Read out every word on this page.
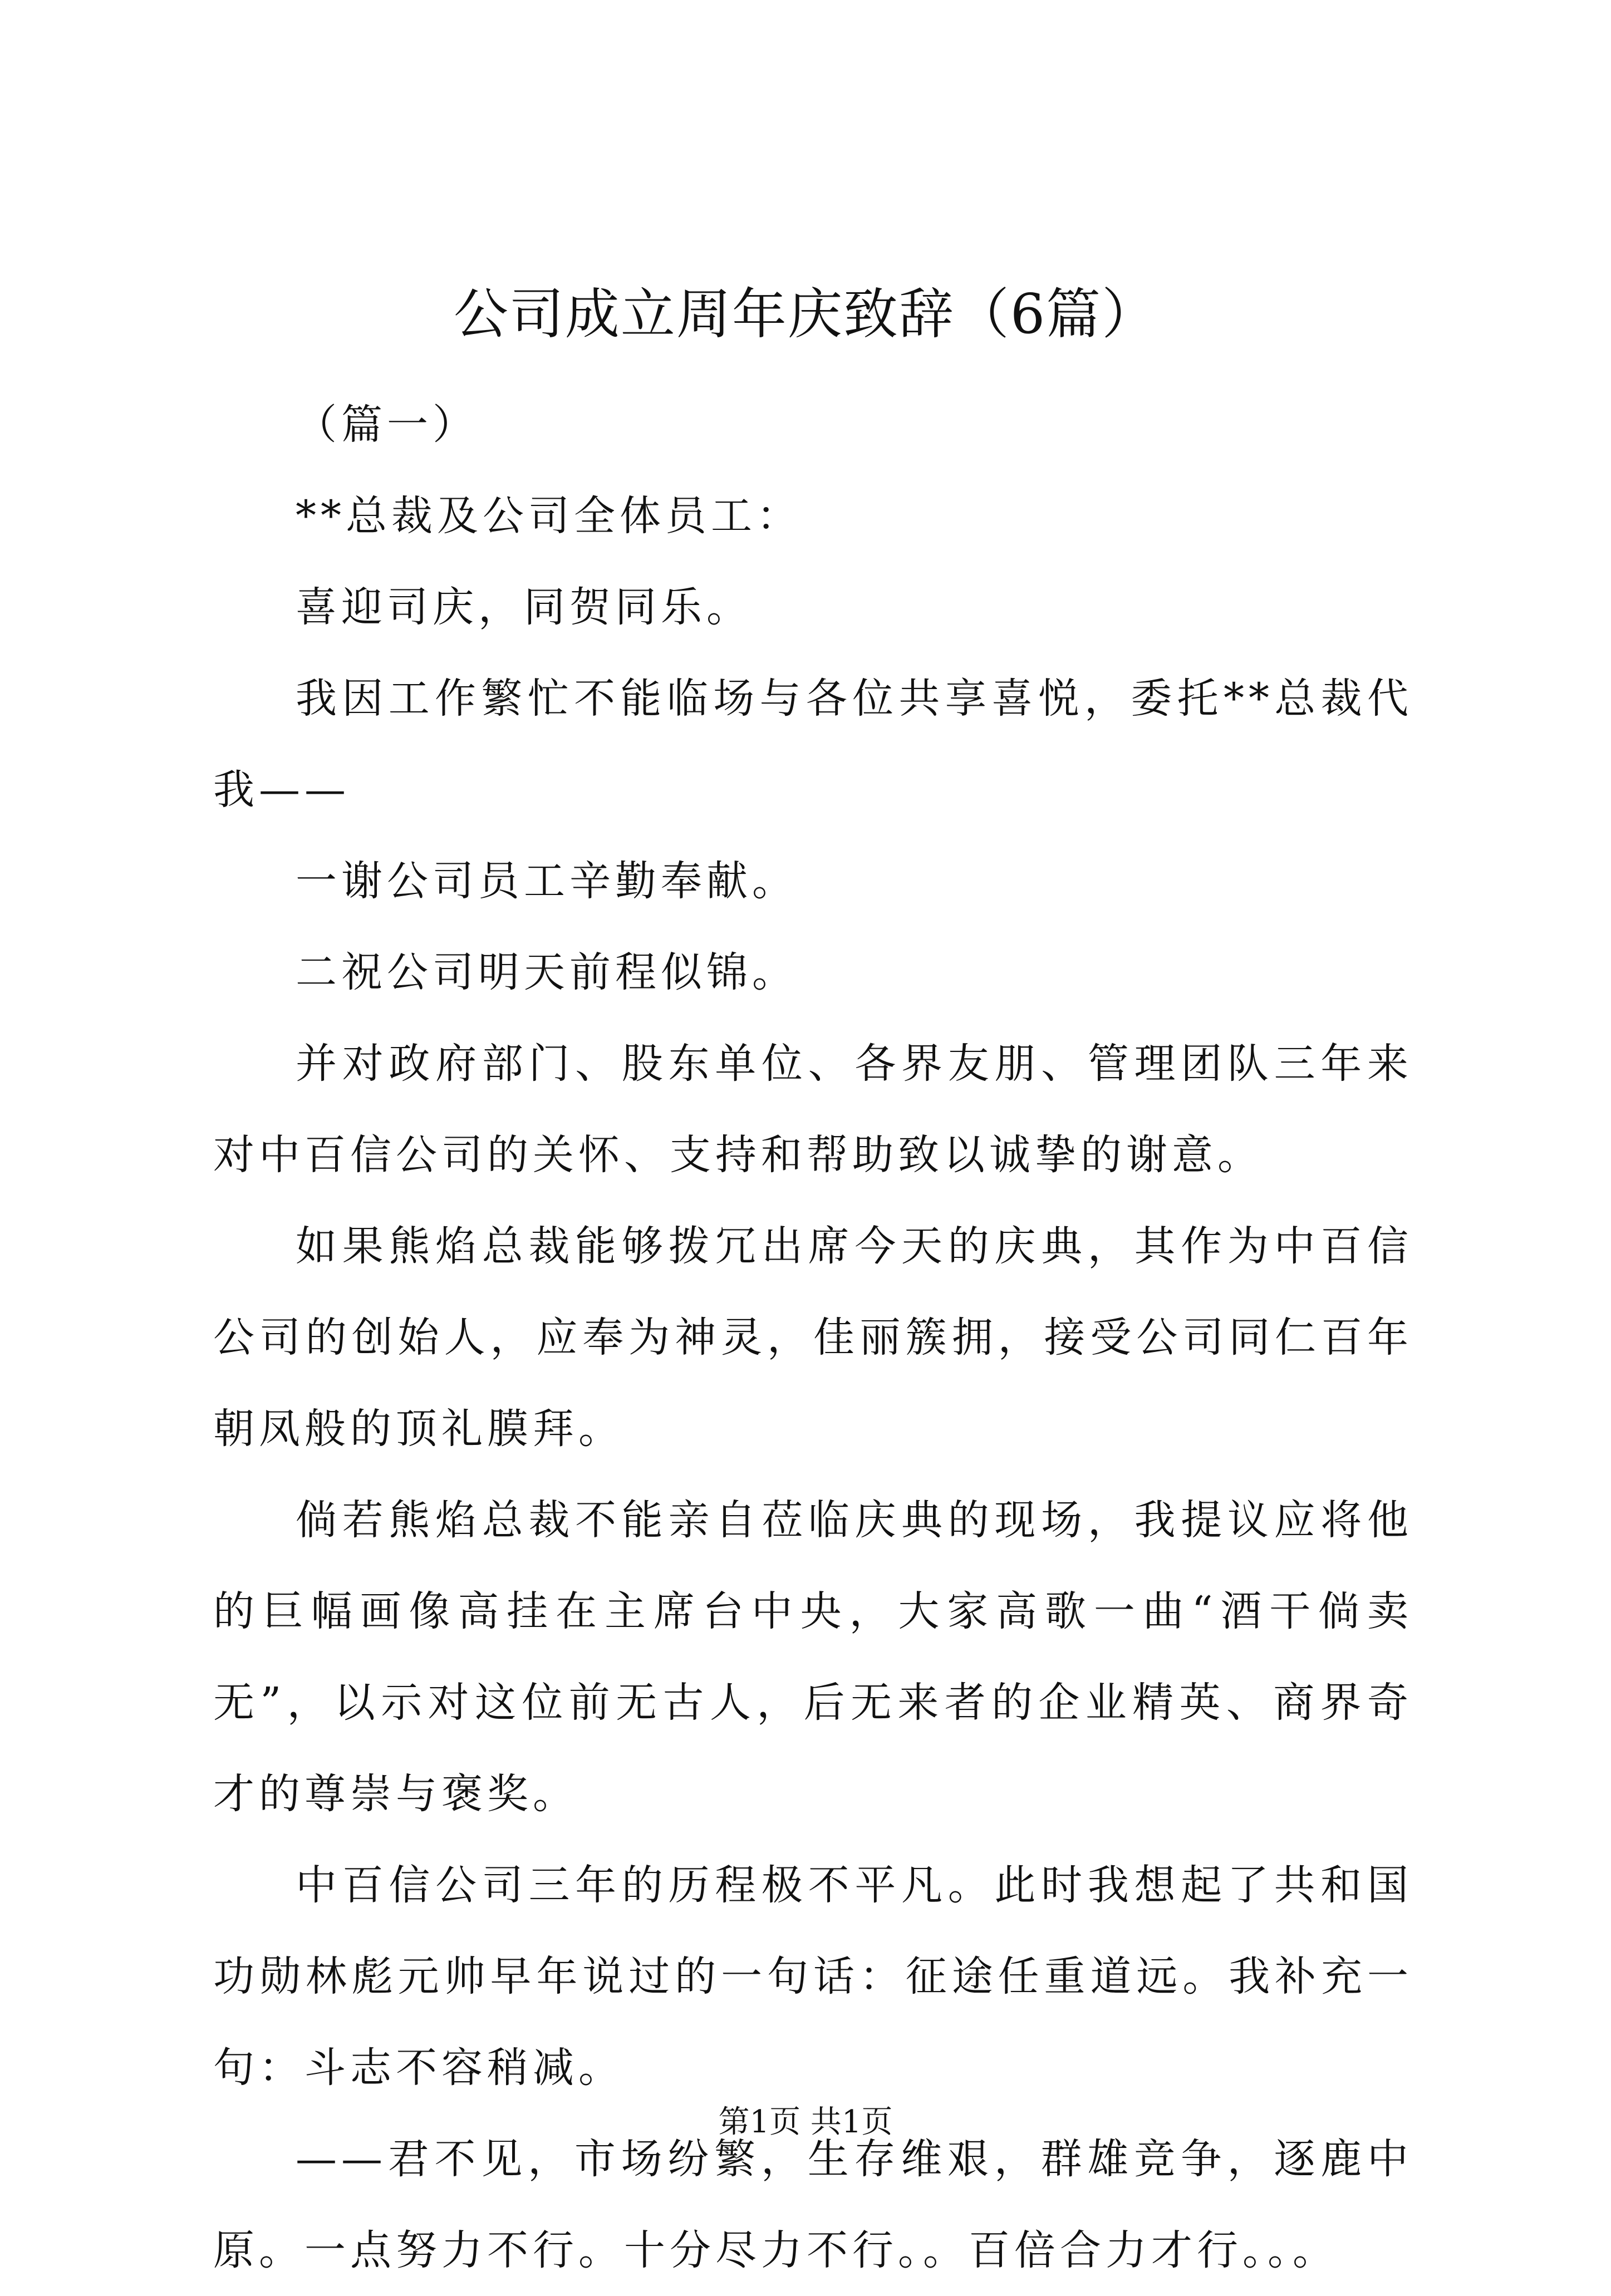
公司成立周年庆致辞（6篇）

（篇一）

**总裁及公司全体员工：

喜迎司庆，同贺同乐。

我因工作繁忙不能临场与各位共享喜悦，委托**总裁代我——

一谢公司员工辛勤奉献。

二祝公司明天前程似锦。

并对政府部门、股东单位、各界友朋、管理团队三年来对中百信公司的关怀、支持和帮助致以诚挚的谢意。

如果熊焰总裁能够拨冗出席今天的庆典，其作为中百信公司的创始人，应奉为神灵，佳丽簇拥，接受公司同仁百年朝凤般的顶礼膜拜。

倘若熊焰总裁不能亲自莅临庆典的现场，我提议应将他的巨幅画像高挂在主席台中央，大家高歌一曲“酒干倘卖无”，以示对这位前无古人，后无来者的企业精英、商界奇才的尊崇与褒奖。

中百信公司三年的历程极不平凡。此时我想起了共和国功勋林彪元帅早年说过的一句话：征途任重道远。我补充一句：斗志不容稍减。

——君不见，市场纷繁，生存维艰，群雄竞争，逐鹿中原。一点努力不行。十分尽力不行。。百倍合力才行。。。

第1页 共1页
